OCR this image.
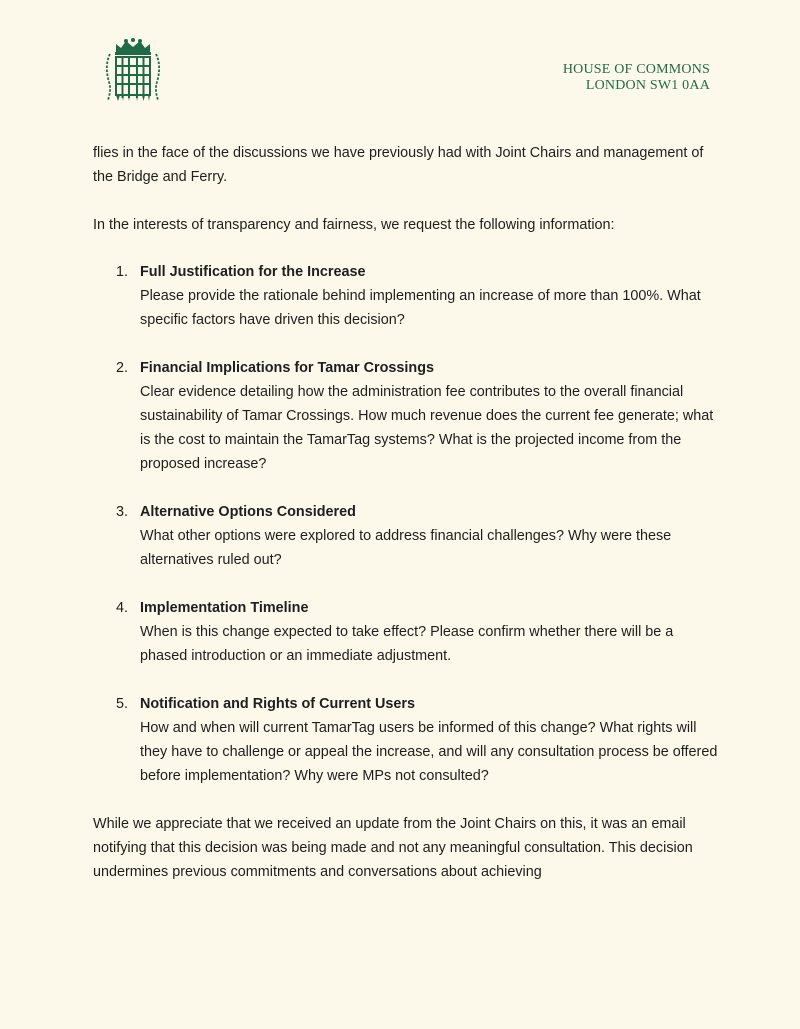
HOUSE OF COMMONS
LONDON SW1 0AA

flies in the face of the discussions we have previously had with Joint Chairs and management of the Bridge and Ferry.

In the interests of transparency and fairness, we request the following information:

1. Full Justification for the Increase
Please provide the rationale behind implementing an increase of more than 100%. What specific factors have driven this decision?
2. Financial Implications for Tamar Crossings
Clear evidence detailing how the administration fee contributes to the overall financial sustainability of Tamar Crossings. How much revenue does the current fee generate; what is the cost to maintain the TamarTag systems? What is the projected income from the proposed increase?
3. Alternative Options Considered
What other options were explored to address financial challenges? Why were these alternatives ruled out?
4. Implementation Timeline
When is this change expected to take effect? Please confirm whether there will be a phased introduction or an immediate adjustment.
5. Notification and Rights of Current Users
How and when will current TamarTag users be informed of this change? What rights will they have to challenge or appeal the increase, and will any consultation process be offered before implementation? Why were MPs not consulted?

While we appreciate that we received an update from the Joint Chairs on this, it was an email notifying that this decision was being made and not any meaningful consultation. This decision undermines previous commitments and conversations about achieving
